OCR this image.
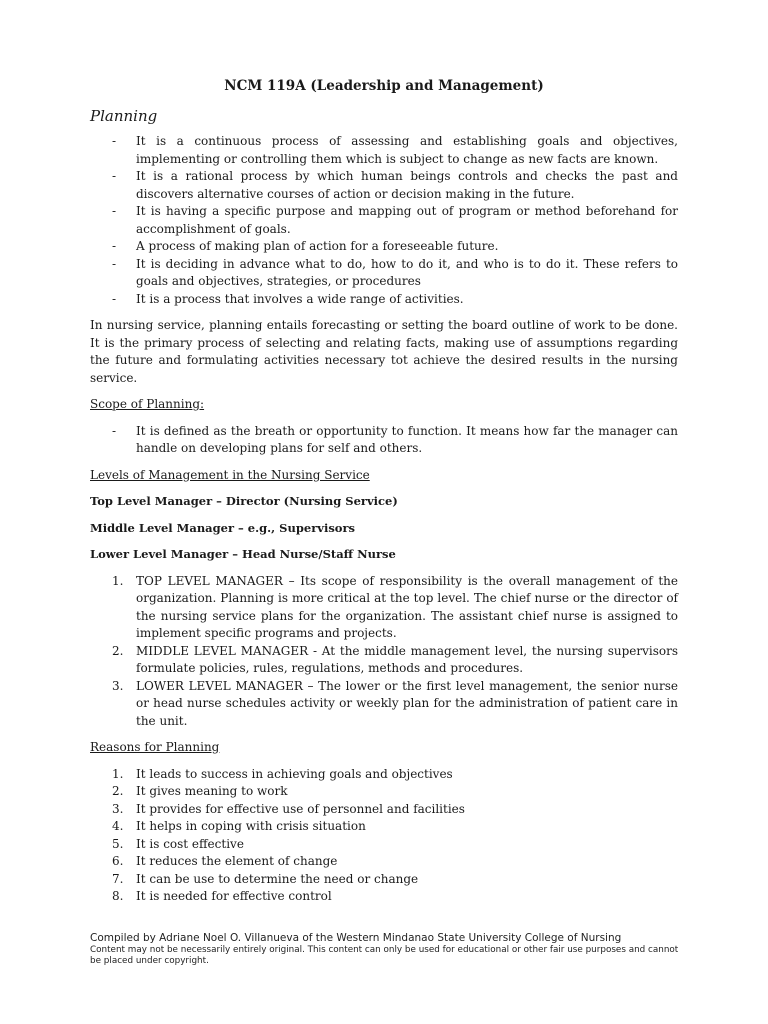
NCM 119A (Leadership and Management)
Planning
- It is a continuous process of assessing and establishing goals and objectives, implementing or controlling them which is subject to change as new facts are known.
- It is a rational process by which human beings controls and checks the past and discovers alternative courses of action or decision making in the future.
- It is having a specific purpose and mapping out of program or method beforehand for accomplishment of goals.
- A process of making plan of action for a foreseeable future.
- It is deciding in advance what to do, how to do it, and who is to do it. These refers to goals and objectives, strategies, or procedures
- It is a process that involves a wide range of activities.
In nursing service, planning entails forecasting or setting the board outline of work to be done. It is the primary process of selecting and relating facts, making use of assumptions regarding the future and formulating activities necessary tot achieve the desired results in the nursing service.
Scope of Planning:
- It is defined as the breath or opportunity to function. It means how far the manager can handle on developing plans for self and others.
Levels of Management in the Nursing Service
Top Level Manager – Director (Nursing Service)
Middle Level Manager – e.g., Supervisors
Lower Level Manager – Head Nurse/Staff Nurse
1. TOP LEVEL MANAGER – Its scope of responsibility is the overall management of the organization. Planning is more critical at the top level. The chief nurse or the director of the nursing service plans for the organization. The assistant chief nurse is assigned to implement specific programs and projects.
2. MIDDLE LEVEL MANAGER - At the middle management level, the nursing supervisors formulate policies, rules, regulations, methods and procedures.
3. LOWER LEVEL MANAGER – The lower or the first level management, the senior nurse or head nurse schedules activity or weekly plan for the administration of patient care in the unit.
Reasons for Planning
1. It leads to success in achieving goals and objectives
2. It gives meaning to work
3. It provides for effective use of personnel and facilities
4. It helps in coping with crisis situation
5. It is cost effective
6. It reduces the element of change
7. It can be use to determine the need or change
8. It is needed for effective control
Compiled by Adriane Noel O. Villanueva of the Western Mindanao State University College of Nursing
Content may not be necessarily entirely original. This content can only be used for educational or other fair use purposes and cannot be placed under copyright.
